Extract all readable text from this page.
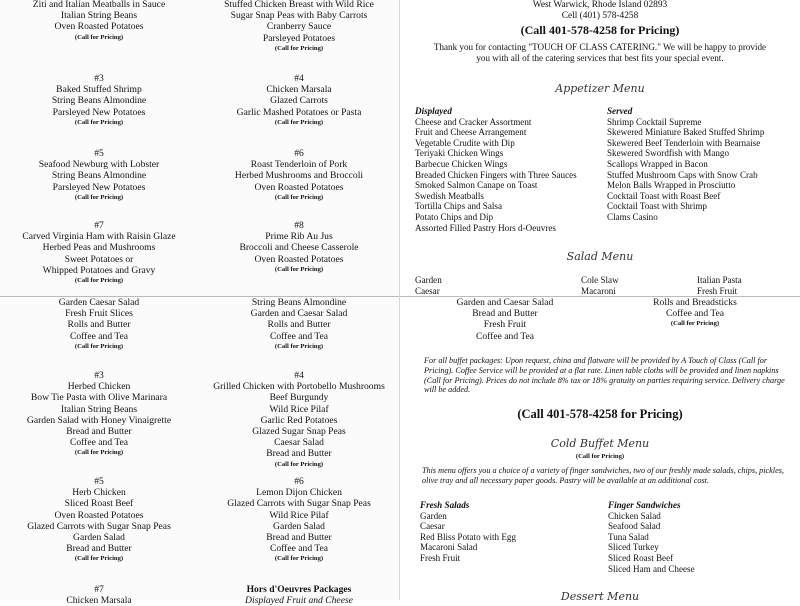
Ziti and Italian Meatballs in Sauce
Italian String Beans
Oven Roasted Potatoes
(Call for Pricing)
Stuffed Chicken Breast with Wild Rice
Sugar Snap Peas with Baby Carrots
Cranberry Sauce
Parsleyed Potatoes
(Call for Pricing)
#3
Baked Stuffed Shrimp
String Beans Almondine
Parsleyed New Potatoes
(Call for Pricing)
#4
Chicken Marsala
Glazed Carrots
Garlic Mashed Potatoes or Pasta
(Call for Pricing)
#5
Seafood Newburg with Lobster
String Beans Almondine
Parsleyed New Potatoes
(Call for Pricing)
#6
Roast Tenderloin of Pork
Herbed Mushrooms and Broccoli
Oven Roasted Potatoes
(Call for Pricing)
#7
Carved Virginia Ham with Raisin Glaze
Herbed Peas and Mushrooms
Sweet Potatoes or
Whipped Potatoes and Gravy
(Call for Pricing)
#8
Prime Rib Au Jus
Broccoli and Cheese Casserole
Oven Roasted Potatoes
(Call for Pricing)
Garden Caesar Salad
Fresh Fruit Slices
Rolls and Butter
Coffee and Tea
(Call for Pricing)
String Beans Almondine
Garden and Caesar Salad
Rolls and Butter
Coffee and Tea
(Call for Pricing)
#3
Herbed Chicken
Bow Tie Pasta with Olive Marinara
Italian String Beans
Garden Salad with Honey Vinaigrette
Bread and Butter
Coffee and Tea
(Call for Pricing)
#4
Grilled Chicken with Portobello Mushrooms
Beef Burgundy
Wild Rice Pilaf
Garlic Red Potatoes
Glazed Sugar Snap Peas
Caesar Salad
Bread and Butter
(Call for Pricing)
#5
Herb Chicken
Sliced Roast Beef
Oven Roasted Potatoes
Glazed Carrots with Sugar Snap Peas
Garden Salad
Bread and Butter
(Call for Pricing)
#6
Lemon Dijon Chicken
Glazed Carrots with Sugar Snap Peas
Wild Rice Pilaf
Garden Salad
Bread and Butter
Coffee and Tea
(Call for Pricing)
#7
Chicken Marsala
Hors d'Oeuvres Packages
Displayed Fruit and Cheese
West Warwick, Rhode Island 02893
Cell (401) 578-4258
(Call 401-578-4258 for Pricing)
Thank you for contacting "TOUCH OF CLASS CATERING." We will be happy to provide
you with all of the catering services that best fits your special event.
Appetizer Menu
Displayed
Cheese and Cracker Assortment
Fruit and Cheese Arrangement
Vegetable Crudite with Dip
Teriyaki Chicken Wings
Barbecue Chicken Wings
Breaded Chicken Fingers with Three Sauces
Smoked Salmon Canape on Toast
Swedish Meatballs
Tortilla Chips and Salsa
Potato Chips and Dip
Assorted Filled Pastry Hors d-Oeuvres
Served
Shrimp Cocktail Supreme
Skewered Miniature Baked Stuffed Shrimp
Skewered Beef Tenderloin with Bearnaise
Skewered Swordfish with Mango
Scallops Wrapped in Bacon
Stuffed Mushroom Caps with Snow Crab
Melon Balls Wrapped in Prosciutto
Cocktail Toast with Roast Beef
Cocktail Toast with Shrimp
Clams Casino
Salad Menu
Garden
Caesar
Cole Slaw
Macaroni
Italian Pasta
Fresh Fruit
Garden and Caesar Salad
Bread and Butter
Fresh Fruit
Coffee and Tea
Rolls and Breadsticks
Coffee and Tea
(Call for Pricing)
For all buffet packages: Upon request, china and flatware will be provided by A Touch of Class (Call for Pricing). Coffee Service will be provided at a flat rate. Linen table cloths will be provided and linen napkins (Call for Pricing). Prices do not include 8% tax or 18% gratuity on parties requiring service. Delivery charge will be added.
(Call 401-578-4258 for Pricing)
Cold Buffet Menu
(Call for Pricing)
This menu offers you a choice of a variety of finger sandwiches, two of our freshly made salads, chips, pickles, olive tray and all necessary paper goods. Pastry will be available at an additional cost.
Fresh Salads
Garden
Caesar
Red Bliss Potato with Egg
Macaroni Salad
Fresh Fruit
Finger Sandwiches
Chicken Salad
Seafood Salad
Tuna Salad
Sliced Turkey
Sliced Roast Beef
Sliced Ham and Cheese
Dessert Menu
